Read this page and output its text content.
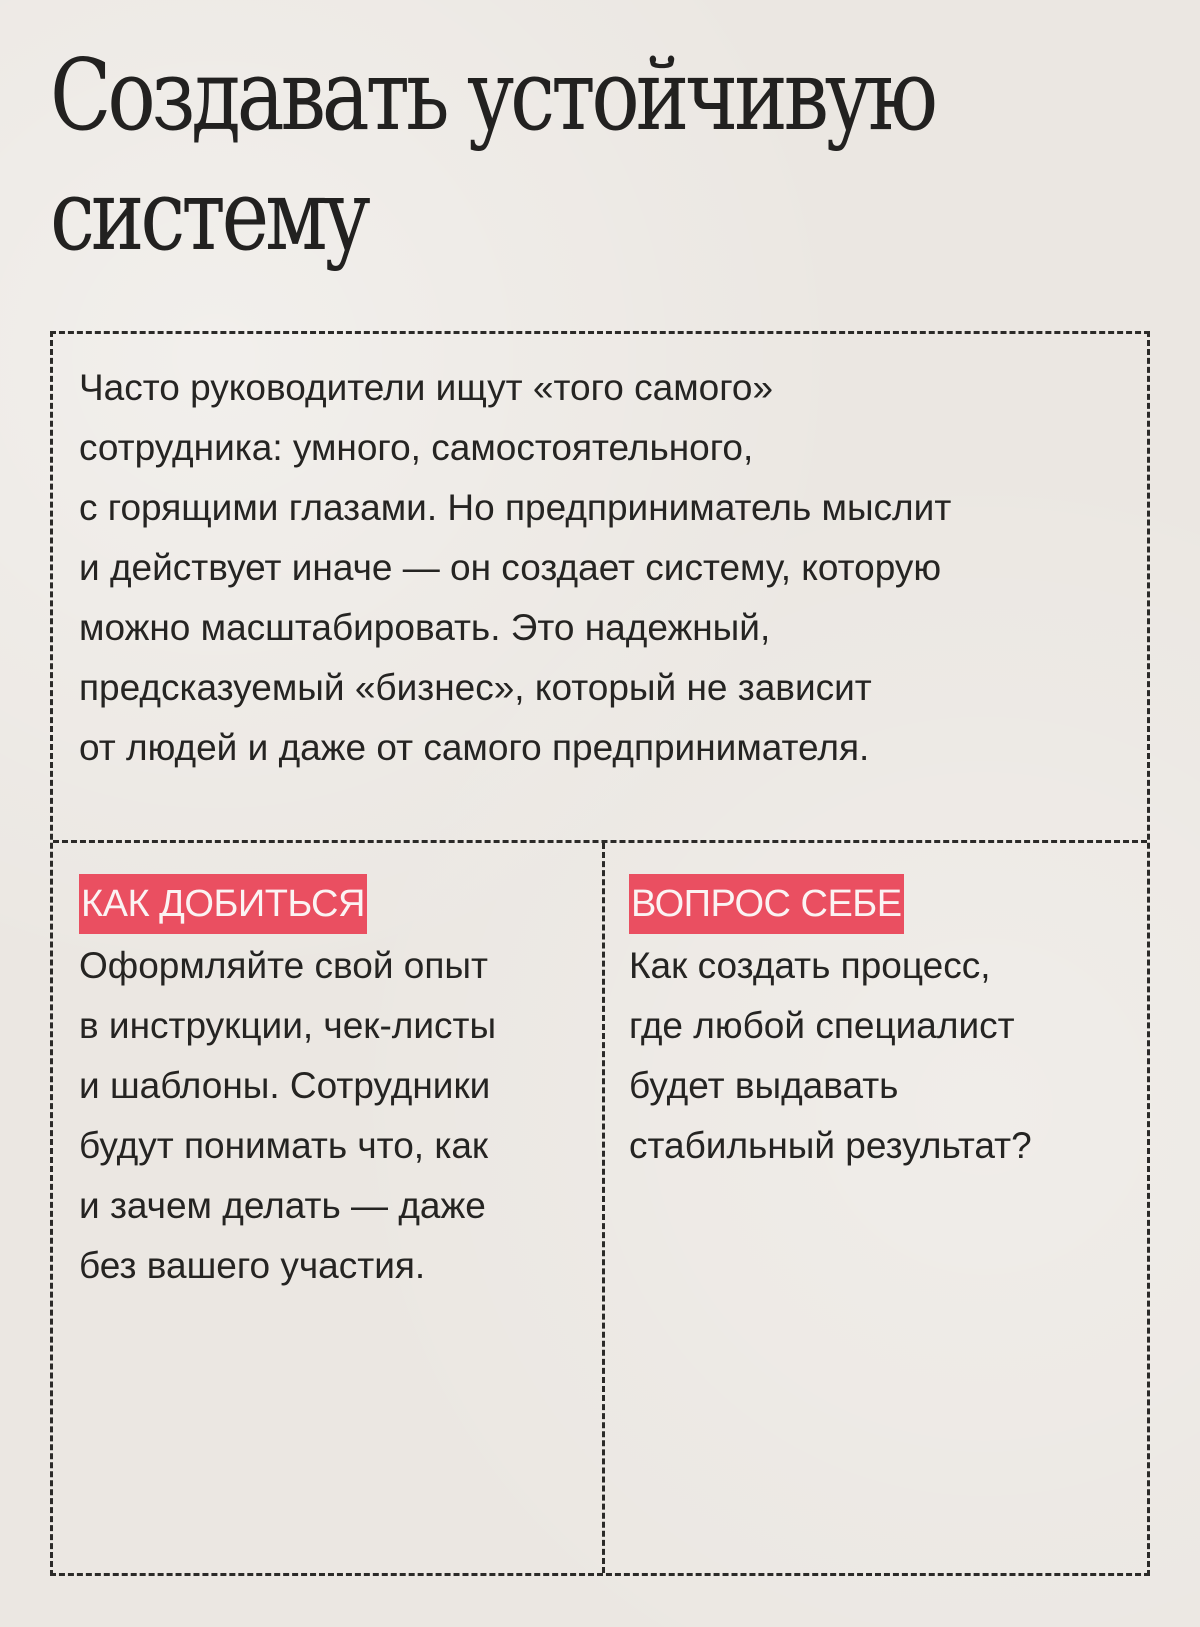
Создавать устойчивую
систему
Часто руководители ищут «того самого»
сотрудника: умного, самостоятельного,
с горящими глазами. Но предприниматель мыслит
и действует иначе — он создает систему, которую
можно масштабировать. Это надежный,
предсказуемый «бизнес», который не зависит
от людей и даже от самого предпринимателя.
КАК ДОБИТЬСЯ
Оформляйте свой опыт
в инструкции, чек-листы
и шаблоны. Сотрудники
будут понимать что, как
и зачем делать — даже
без вашего участия.
ВОПРОС СЕБЕ
Как создать процесс,
где любой специалист
будет выдавать
стабильный результат?
